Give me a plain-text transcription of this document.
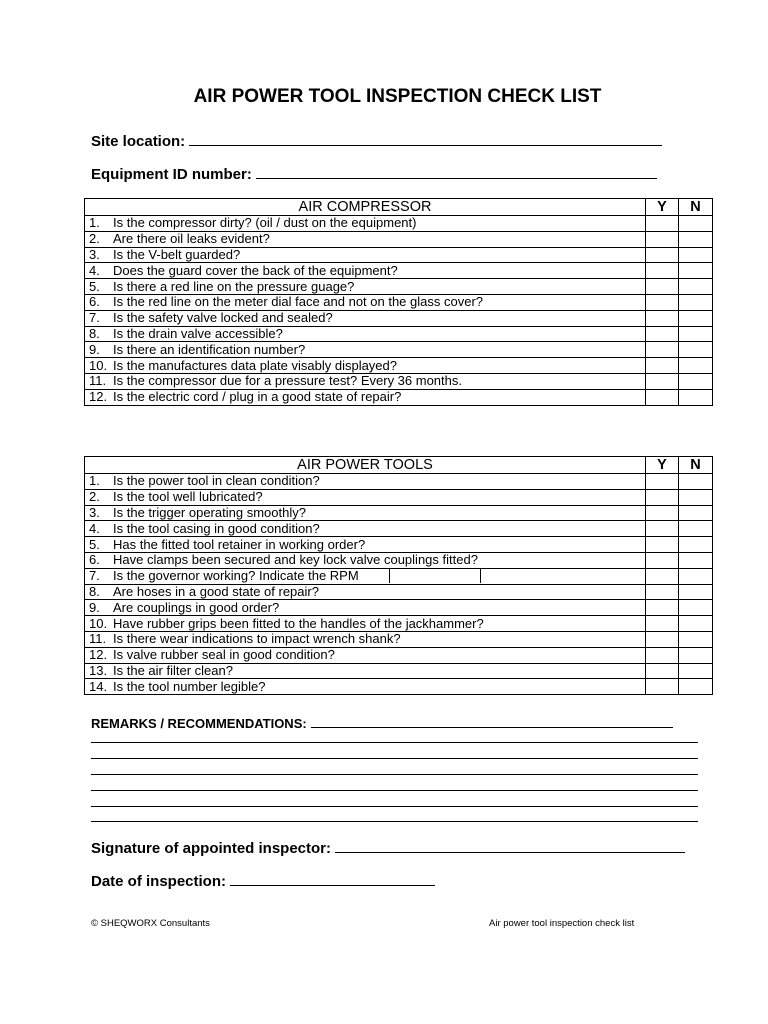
AIR POWER TOOL INSPECTION CHECK LIST
Site location:
Equipment ID number:
AIR COMPRESSOR	Y	N
1. Is the compressor dirty? (oil / dust on the equipment)		
2. Are there oil leaks evident?		
3. Is the V-belt guarded?		
4. Does the guard cover the back of the equipment?		
5. Is there a red line on the pressure guage?		
6. Is the red line on the meter dial face and not on the glass cover?		
7. Is the safety valve locked and sealed?		
8. Is the drain valve accessible?		
9. Is there an identification number?		
10. Is the manufactures data plate visably displayed?		
11. Is the compressor due for a pressure test? Every 36 months.		
12. Is the electric cord / plug in a good state of repair?		
AIR POWER TOOLS	Y	N
1. Is the power tool in clean condition?		
2. Is the tool well lubricated?		
3. Is the trigger operating smoothly?		
4. Is the tool casing in good condition?		
5. Has the fitted tool retainer in working order?		
6. Have clamps been secured and key lock valve couplings fitted?		
7. Is the governor working? Indicate the RPM		
8. Are hoses in a good state of repair?		
9. Are couplings in good order?		
10. Have rubber grips been fitted to the handles of the jackhammer?		
11. Is there wear indications to impact wrench shank?		
12. Is valve rubber seal in good condition?		
13. Is the air filter clean?		
14. Is the tool number legible?		
REMARKS / RECOMMENDATIONS:
Signature of appointed inspector:
Date of inspection:
© SHEQWORX Consultants	Air power tool inspection check list
